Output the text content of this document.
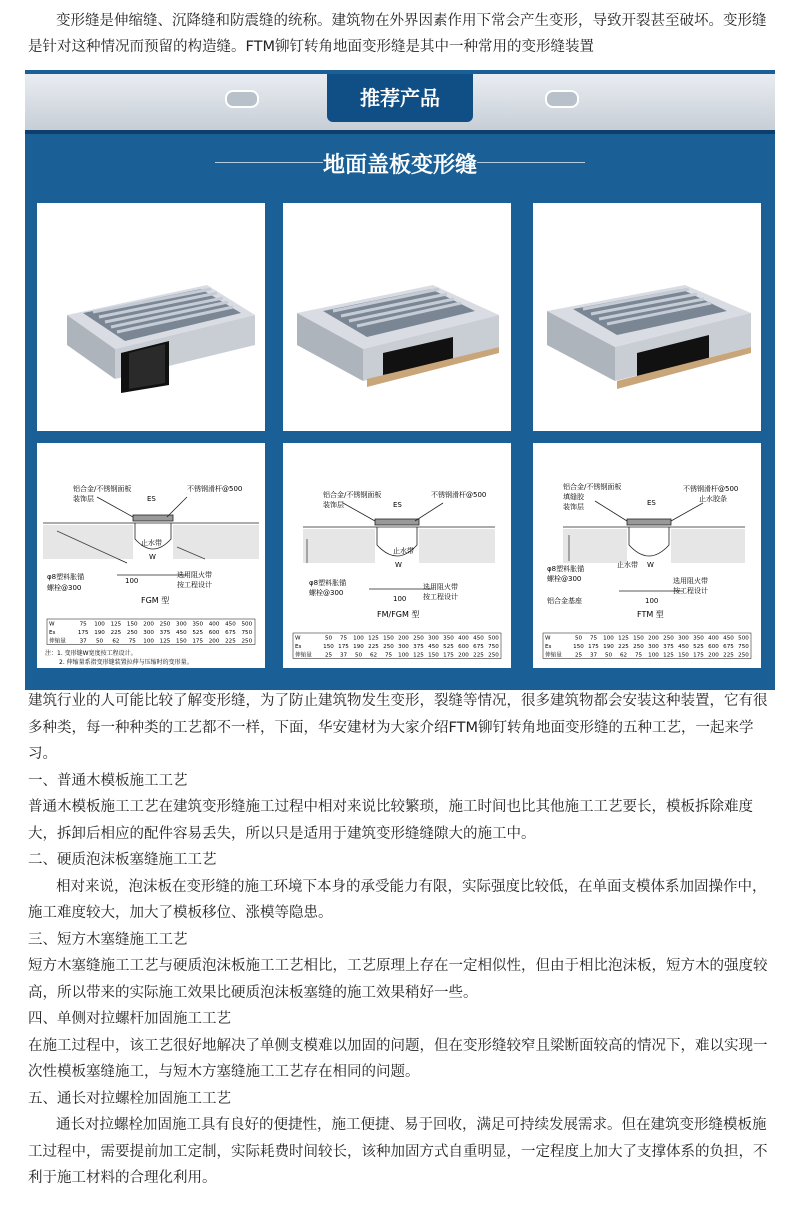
变形缝是伸缩缝、沉降缝和防震缝的统称。建筑物在外界因素作用下常会产生变形，导致开裂甚至破坏。变形缝是针对这种情况而预留的构造缝。FTM铆钉转角地面变形缝是其中一种常用的变形缝装置
推荐产品
地面盖板变形缝
铝合金/不锈钢面板
装饰层	ES
不锈钢滑杆@500
止水带
φ8塑料胀锚
螺栓@300
选用阻火带
按工程设计
100
W
FGM 型
W	75 100 125 150 200 250 300 350 400 450 500
Es	175 190 225 250 300 375 450 525 600 675 750
伸缩量 37 50 62 75 100 125 150 175 200 225 250
注：1. 变形缝W宽度按工程设计。
2. 伸缩量系指变形缝装置拉伸与压缩时的变形量。
铝合金/不锈钢面板
装饰层	ES
不锈钢滑杆@500
止水带
φ8塑料胀锚
螺栓@300
选用阻火带
按工程设计
100
W
FM/FGM 型
W	50 75 100 125 150 200 250 300 350 400 450 500
Es	150 175 190 225 250 300 375 450 525 600 675 750
伸缩量 25 37 50 62 75 100 125 150 175 200 225 250
铝合金/不锈钢面板
填缝胶
装饰层	ES
不锈钢滑杆@500
止水胶条
止水带
φ8塑料胀锚
螺栓@300
铝合金基座
选用阻火带
按工程设计
100
W
FTM 型
W	50 75 100 125 150 200 250 300 350 400 450 500
Es	150 175 190 225 250 300 375 450 525 600 675 750
伸缩量 25 37 50 62 75 100 125 150 175 200 225 250

建筑行业的人可能比较了解变形缝，为了防止建筑物发生变形，裂缝等情况，很多建筑物都会安装这种装置，它有很多种类，每一种种类的工艺都不一样，下面，华安建材为大家介绍FTM铆钉转角地面变形缝的五种工艺，一起来学习。

一、普通木模板施工工艺

普通木模板施工工艺在建筑变形缝施工过程中相对来说比较繁琐，施工时间也比其他施工工艺要长，模板拆除难度大，拆卸后相应的配件容易丢失，所以只是适用于建筑变形缝缝隙大的施工中。

二、硬质泡沫板塞缝施工工艺

相对来说，泡沫板在变形缝的施工环境下本身的承受能力有限，实际强度比较低，在单面支模体系加固操作中，施工难度较大，加大了模板移位、涨模等隐患。

三、短方木塞缝施工工艺

短方木塞缝施工工艺与硬质泡沫板施工工艺相比，工艺原理上存在一定相似性，但由于相比泡沫板，短方木的强度较高，所以带来的实际施工效果比硬质泡沫板塞缝的施工效果稍好一些。

四、单侧对拉螺杆加固施工工艺

在施工过程中，该工艺很好地解决了单侧支模难以加固的问题，但在变形缝较窄且梁断面较高的情况下，难以实现一次性模板塞缝施工，与短木方塞缝施工工艺存在相同的问题。

五、通长对拉螺栓加固施工工艺

通长对拉螺栓加固施工具有良好的便捷性，施工便捷、易于回收，满足可持续发展需求。但在建筑变形缝模板施工过程中，需要提前加工定制，实际耗费时间较长，该种加固方式自重明显，一定程度上加大了支撑体系的负担，不利于施工材料的合理化利用。
